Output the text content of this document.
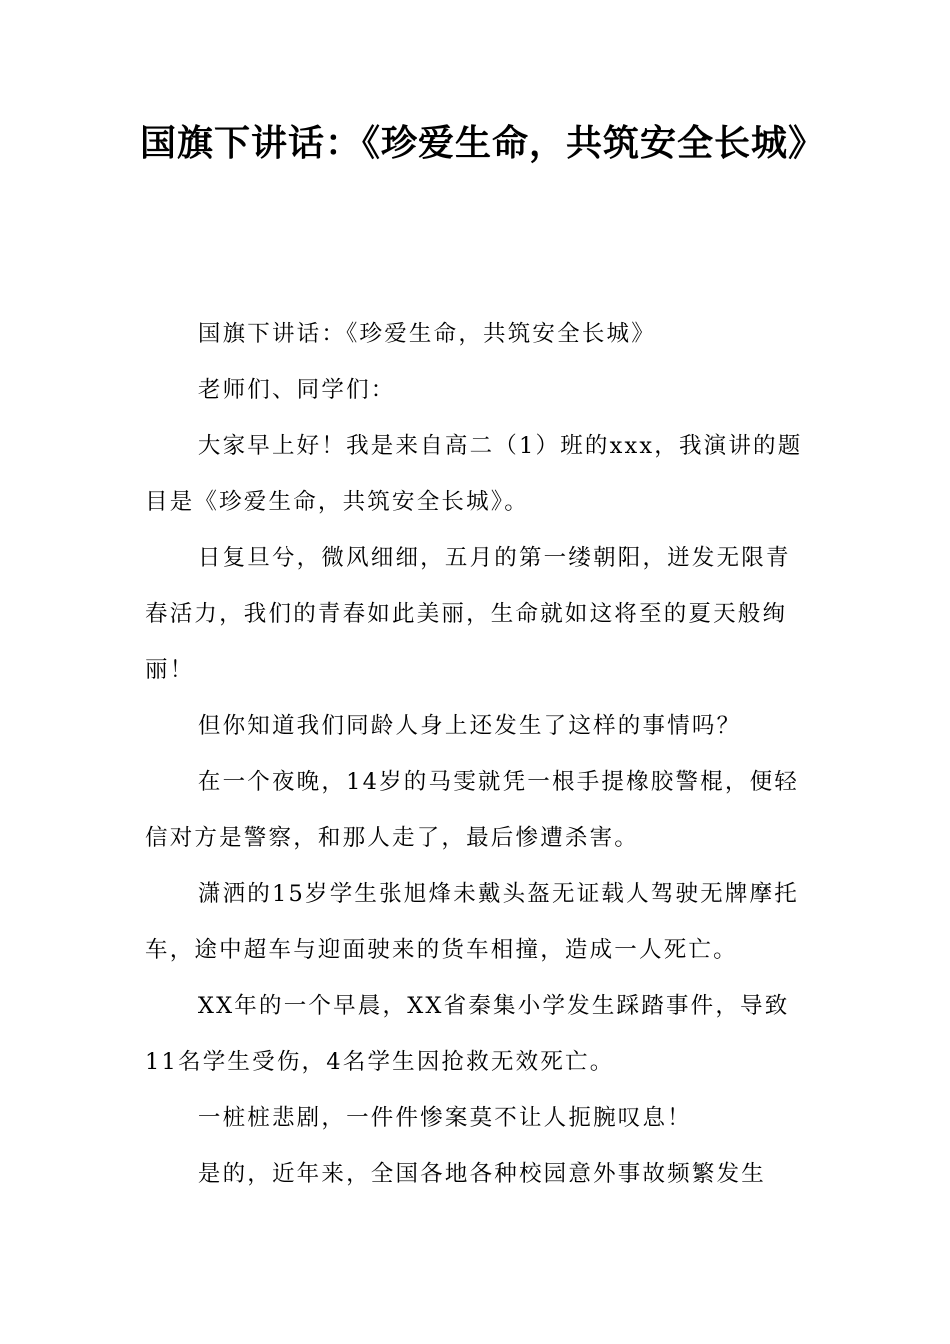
国旗下讲话：《珍爱生命，共筑安全长城》

国旗下讲话：《珍爱生命，共筑安全长城》

老师们、同学们：

大家早上好！我是来自高二（1）班的xxx，我演讲的题目是《珍爱生命，共筑安全长城》。

日复旦兮，微风细细，五月的第一缕朝阳，迸发无限青春活力，我们的青春如此美丽，生命就如这将至的夏天般绚丽！

但你知道我们同龄人身上还发生了这样的事情吗？

在一个夜晚，14岁的马雯就凭一根手提橡胶警棍，便轻信对方是警察，和那人走了，最后惨遭杀害。

潇洒的15岁学生张旭烽未戴头盔无证载人驾驶无牌摩托车，途中超车与迎面驶来的货车相撞，造成一人死亡。

XX年的一个早晨，XX省秦集小学发生踩踏事件，导致11名学生受伤，4名学生因抢救无效死亡。

一桩桩悲剧，一件件惨案莫不让人扼腕叹息！

是的，近年来，全国各地各种校园意外事故频繁发生
